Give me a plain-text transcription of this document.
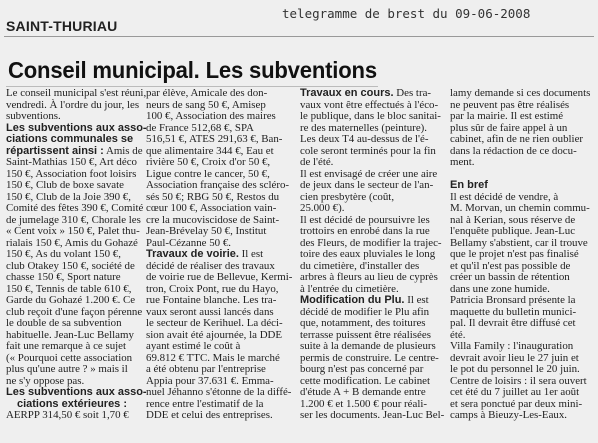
telegramme de brest du 09-06-2008
SAINT-THURIAU
Conseil municipal. Les subventions
Le conseil municipal s'est réuni,
vendredi. À l'ordre du jour, les
subventions.
Les subventions aux asso-
ciations communales se
répartissent ainsi : Amis de
Saint-Mathias 150 €, Art déco
150 €, Association foot loisirs
150 €, Club de boxe savate
150 €, Club de la Joie 390 €,
Comité des fêtes 390 €, Comité
de jumelage 310 €, Chorale les
« Cent voix » 150 €, Palet thu-
rialais 150 €, Amis du Gohazé
150 €, As du volant 150 €,
club Otakey 150 €, société de
chasse 150 €, Sport nature
150 €, Tennis de table 610 €,
Garde du Gohazé 1.200 €. Ce
club reçoit d'une façon pérenne
le double de sa subvention
habituelle. Jean-Luc Bellamy
fait une remarque à ce sujet
(« Pourquoi cette association
plus qu'une autre ? » mais il
ne s'y oppose pas.
Les subventions aux asso-
ciations extérieures :
AERPP 314,50 € soit 1,70 €
par élève, Amicale des don-
neurs de sang 50 €, Amisep
100 €, Association des maires
de France 512,68 €, SPA
516,51 €, ATES 291,63 €, Ban-
que alimentaire 344 €, Eau et
rivière 50 €, Croix d'or 50 €,
Ligue contre le cancer, 50 €,
Association française des scléro-
sés 50 €; RBG 50 €, Restos du
cœur 100 €, Association vain-
cre la mucoviscidose de Saint-
Jean-Brévelay 50 €, Institut
Paul-Cézanne 50 €.
Travaux de voirie. Il est
décidé de réaliser des travaux
de voirie rue de Bellevue, Kermi-
tron, Croix Pont, rue du Hayo,
rue Fontaine blanche. Les tra-
vaux seront aussi lancés dans
le secteur de Kerihuel. La déci-
sion avait été ajournée, la DDE
ayant estimé le coût à
69.812 € TTC. Mais le marché
a été obtenu par l'entreprise
Appia pour 37.631 €. Emma-
nuel Jéhanno s'étonne de la diffé-
rence entre l'estimatif de la
DDE et celui des entreprises.
Travaux en cours. Des tra-
vaux vont être effectués à l'éco-
le publique, dans le bloc sanitai-
re des maternelles (peinture).
Les deux T4 au-dessus de l'é-
cole seront terminés pour la fin
de l'été.
Il est envisagé de créer une aire
de jeux dans le secteur de l'an-
cien presbytère (coût,
25.000 €).
Il est décidé de poursuivre les
trottoirs en enrobé dans la rue
des Fleurs, de modifier la trajec-
toire des eaux pluviales le long
du cimetière, d'installer des
arbres à fleurs au lieu de cyprès
à l'entrée du cimetière.
Modification du Plu. Il est
décidé de modifier le Plu afin
que, notamment, des toitures
terrasse puissent être réalisées
suite à la demande de plusieurs
permis de construire. Le centre-
bourg n'est pas concerné par
cette modification. Le cabinet
d'étude A + B demande entre
1.200 € et 1.500 € pour réali-
ser les documents. Jean-Luc Bel-
lamy demande si ces documents
ne peuvent pas être réalisés
par la mairie. Il est estimé
plus sûr de faire appel à un
cabinet, afin de ne rien oublier
dans la rédaction de ce docu-
ment.

En bref
Il est décidé de vendre, à
M. Morvan, un chemin commu-
nal à Kerian, sous réserve de
l'enquête publique. Jean-Luc
Bellamy s'abstient, car il trouve
que le projet n'est pas finalisé
et qu'il n'est pas possible de
créer un bassin de rétention
dans une zone humide.
Patricia Bronsard présente la
maquette du bulletin munici-
pal. Il devrait être diffusé cet
été.
Villa Family : l'inauguration
devrait avoir lieu le 27 juin et
le pot du personnel le 20 juin.
Centre de loisirs : il sera ouvert
cet été du 7 juillet au 1er août
et sera ponctué par deux mini-
camps à Bieuzy-Les-Eaux.
